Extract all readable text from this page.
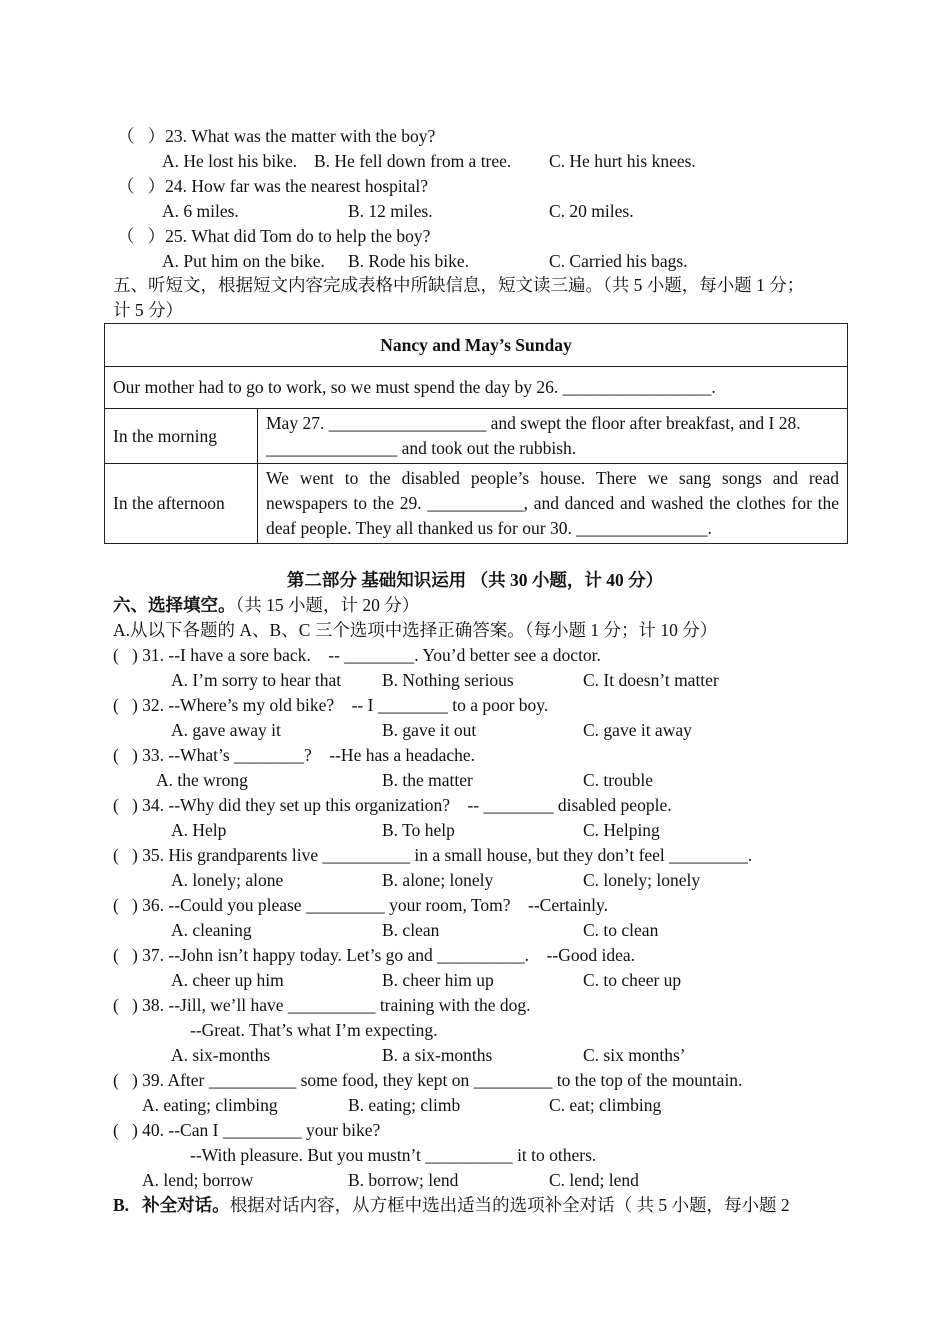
（   ）23. What was the matter with the boy?
A. He lost his bike. B. He fell down from a tree. C. He hurt his knees.
（   ）24. How far was the nearest hospital?
A. 6 miles.	B. 12 miles.	C. 20 miles.
（   ）25. What did Tom do to help the boy?
A. Put him on the bike. B. Rode his bike.	C. Carried his bags.
五、听短文，根据短文内容完成表格中所缺信息，短文读三遍。（共 5 小题，每小题 1 分；
计 5 分）
Nancy and May’s Sunday	
Our mother had to go to work, so we must spend the day by 26. _________________.	
In the morning	May 27. __________________ and swept the floor after breakfast, and I 28. _______________ and took out the rubbish.
In the afternoon	We went to the disabled people’s house. There we sang songs and read newspapers to the 29. ___________, and danced and washed the clothes for the deaf people. They all thanked us for our 30. _______________.
第二部分 基础知识运用 （共 30 小题，计 40 分）
六、选择填空。（共 15 小题，计 20 分）
A.从以下各题的 A、B、C 三个选项中选择正确答案。（每小题 1 分；计 10 分）
(   ) 31. --I have a sore back.    -- ________. You’d better see a doctor.
A. I’m sorry to hear that B. Nothing serious	C. It doesn’t matter
(   ) 32. --Where’s my old bike?    -- I ________ to a poor boy.
A. gave away it	B. gave it out	C. gave it away
(   ) 33. --What’s ________?    --He has a headache.
A. the wrong	B. the matter	C. trouble
(   ) 34. --Why did they set up this organization?    -- ________ disabled people.
A. Help	B. To help	C. Helping
(   ) 35. His grandparents live __________ in a small house, but they don’t feel _________.
A. lonely; alone	B. alone; lonely	C. lonely; lonely
(   ) 36. --Could you please _________ your room, Tom?    --Certainly.
A. cleaning	B. clean	C. to clean
(   ) 37. --John isn’t happy today. Let’s go and __________.    --Good idea.
A. cheer up him	B. cheer him up	C. to cheer up
(   ) 38. --Jill, we’ll have __________ training with the dog.
--Great. That’s what I’m expecting.
A. six-months	B. a six-months	C. six months’
(   ) 39. After __________ some food, they kept on _________ to the top of the mountain.
A. eating; climbing	B. eating; climb	C. eat; climbing
(   ) 40. --Can I _________ your bike?
--With pleasure. But you mustn’t __________ it to others.
A. lend; borrow	B. borrow; lend	C. lend; lend
B.   补全对话。根据对话内容，从方框中选出适当的选项补全对话（ 共 5 小题，每小题 2
